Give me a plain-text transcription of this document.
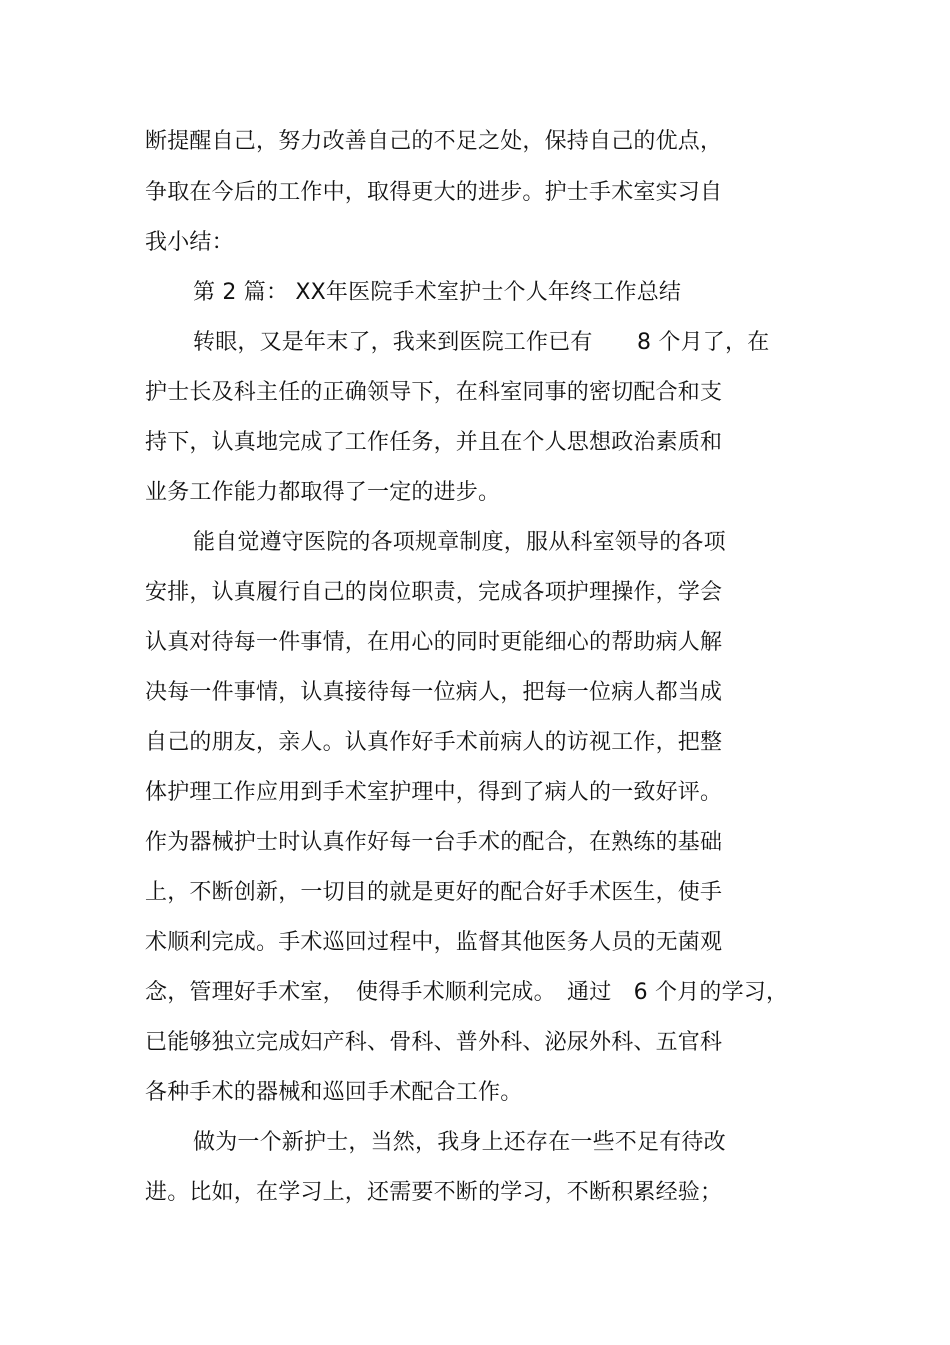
断提醒自己，努力改善自己的不足之处，保持自己的优点，
争取在今后的工作中，取得更大的进步。护士手术室实习自
我小结：
第 2 篇： XX年医院手术室护士个人年终工作总结
转眼，又是年末了，我来到医院工作已有　　8 个月了，在
护士长及科主任的正确领导下，在科室同事的密切配合和支
持下，认真地完成了工作任务，并且在个人思想政治素质和
业务工作能力都取得了一定的进步。
能自觉遵守医院的各项规章制度，服从科室领导的各项
安排，认真履行自己的岗位职责，完成各项护理操作，学会
认真对待每一件事情，在用心的同时更能细心的帮助病人解
决每一件事情，认真接待每一位病人，把每一位病人都当成
自己的朋友，亲人。认真作好手术前病人的访视工作，把整
体护理工作应用到手术室护理中，得到了病人的一致好评。
作为器械护士时认真作好每一台手术的配合，在熟练的基础
上，不断创新，一切目的就是更好的配合好手术医生，使手
术顺利完成。手术巡回过程中，监督其他医务人员的无菌观
念，管理好手术室，　使得手术顺利完成。　通过　6 个月的学习，
已能够独立完成妇产科、骨科、普外科、泌尿外科、五官科
各种手术的器械和巡回手术配合工作。
做为一个新护士，当然，我身上还存在一些不足有待改
进。比如，在学习上，还需要不断的学习，不断积累经验；
